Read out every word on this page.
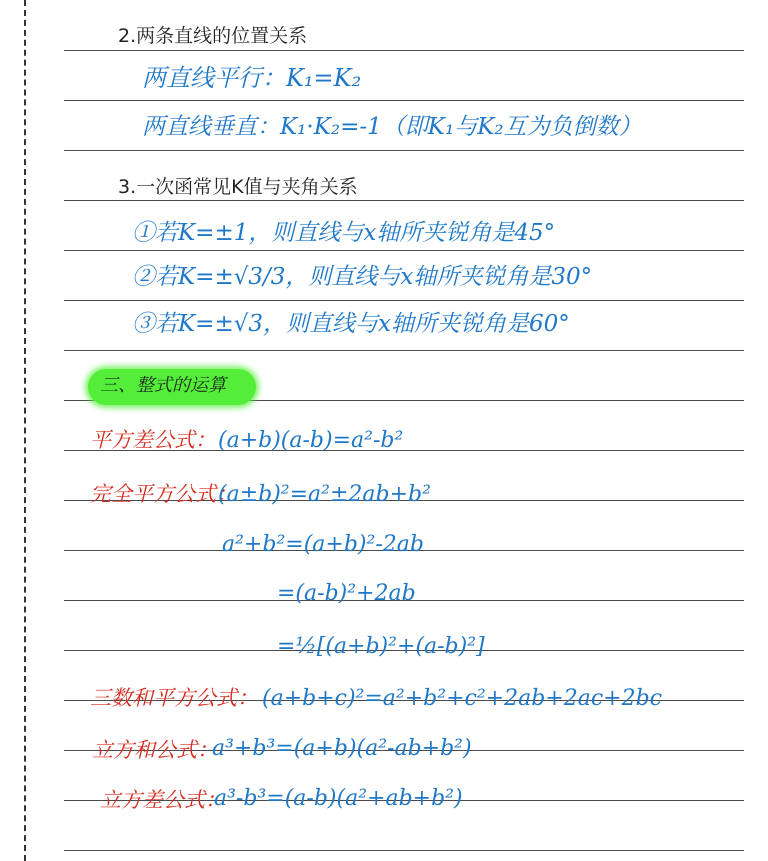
2.两条直线的位置关系
两直线平行：K₁=K₂
两直线垂直：K₁·K₂=-1（即K₁与K₂互为负倒数）
3.一次函常见K值与夹角关系
①若K=±1，则直线与x轴所夹锐角是45°
②若K=±√3/3，则直线与x轴所夹锐角是30°
③若K=±√3，则直线与x轴所夹锐角是60°
三、整式的运算
平方差公式： (a+b)(a-b)=a²-b²
完全平方公式：
(a±b)²=a²±2ab+b²
a²+b²=(a+b)²-2ab
=(a-b)²+2ab
=½[(a+b)²+(a-b)²]
三数和平方公式： (a+b+c)²=a²+b²+c²+2ab+2ac+2bc
立方和公式：
a³+b³=(a+b)(a²-ab+b²)
立方差公式：
a³-b³=(a-b)(a²+ab+b²)
